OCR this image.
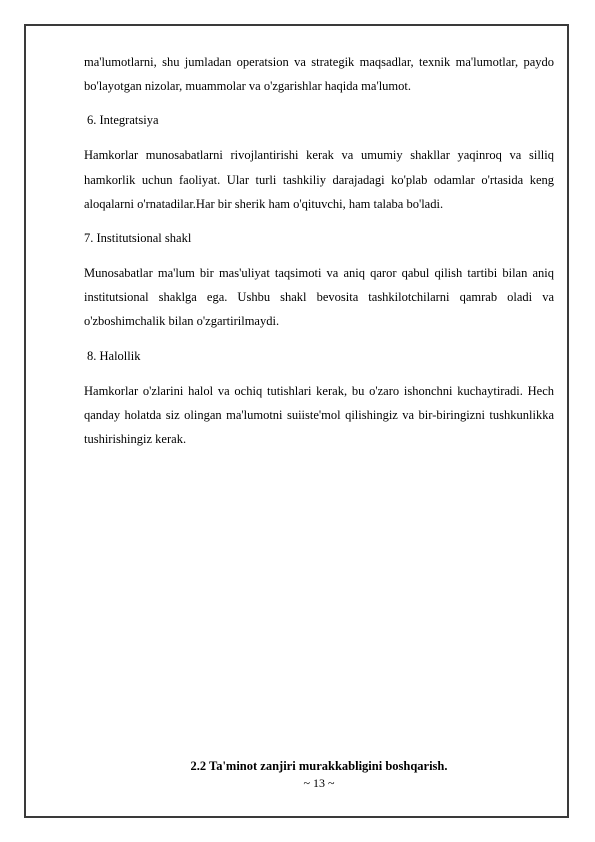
ma'lumotlarni, shu jumladan operatsion va strategik maqsadlar, texnik ma'lumotlar, paydo bo'layotgan nizolar, muammolar va o'zgarishlar haqida ma'lumot.

6. Integratsiya

Hamkorlar munosabatlarni rivojlantirishi kerak va umumiy shakllar yaqinroq va silliq hamkorlik uchun faoliyat. Ular turli tashkiliy darajadagi ko'plab odamlar o'rtasida keng aloqalarni o'rnatadilar.Har bir sherik ham o'qituvchi, ham talaba bo'ladi.

7. Institutsional shakl

Munosabatlar ma'lum bir mas'uliyat taqsimoti va aniq qaror qabul qilish tartibi bilan aniq institutsional shaklga ega. Ushbu shakl bevosita tashkilotchilarni qamrab oladi va o'zboshimchalik bilan o'zgartirilmaydi.

8. Halollik

Hamkorlar o'zlarini halol va ochiq tutishlari kerak, bu o'zaro ishonchni kuchaytiradi. Hech qanday holatda siz olingan ma'lumotni suiiste'mol qilishingiz va bir-biringizni tushkunlikka tushirishingiz kerak.

2.2 Ta'minot zanjiri murakkabligini boshqarish.
~ 13 ~
